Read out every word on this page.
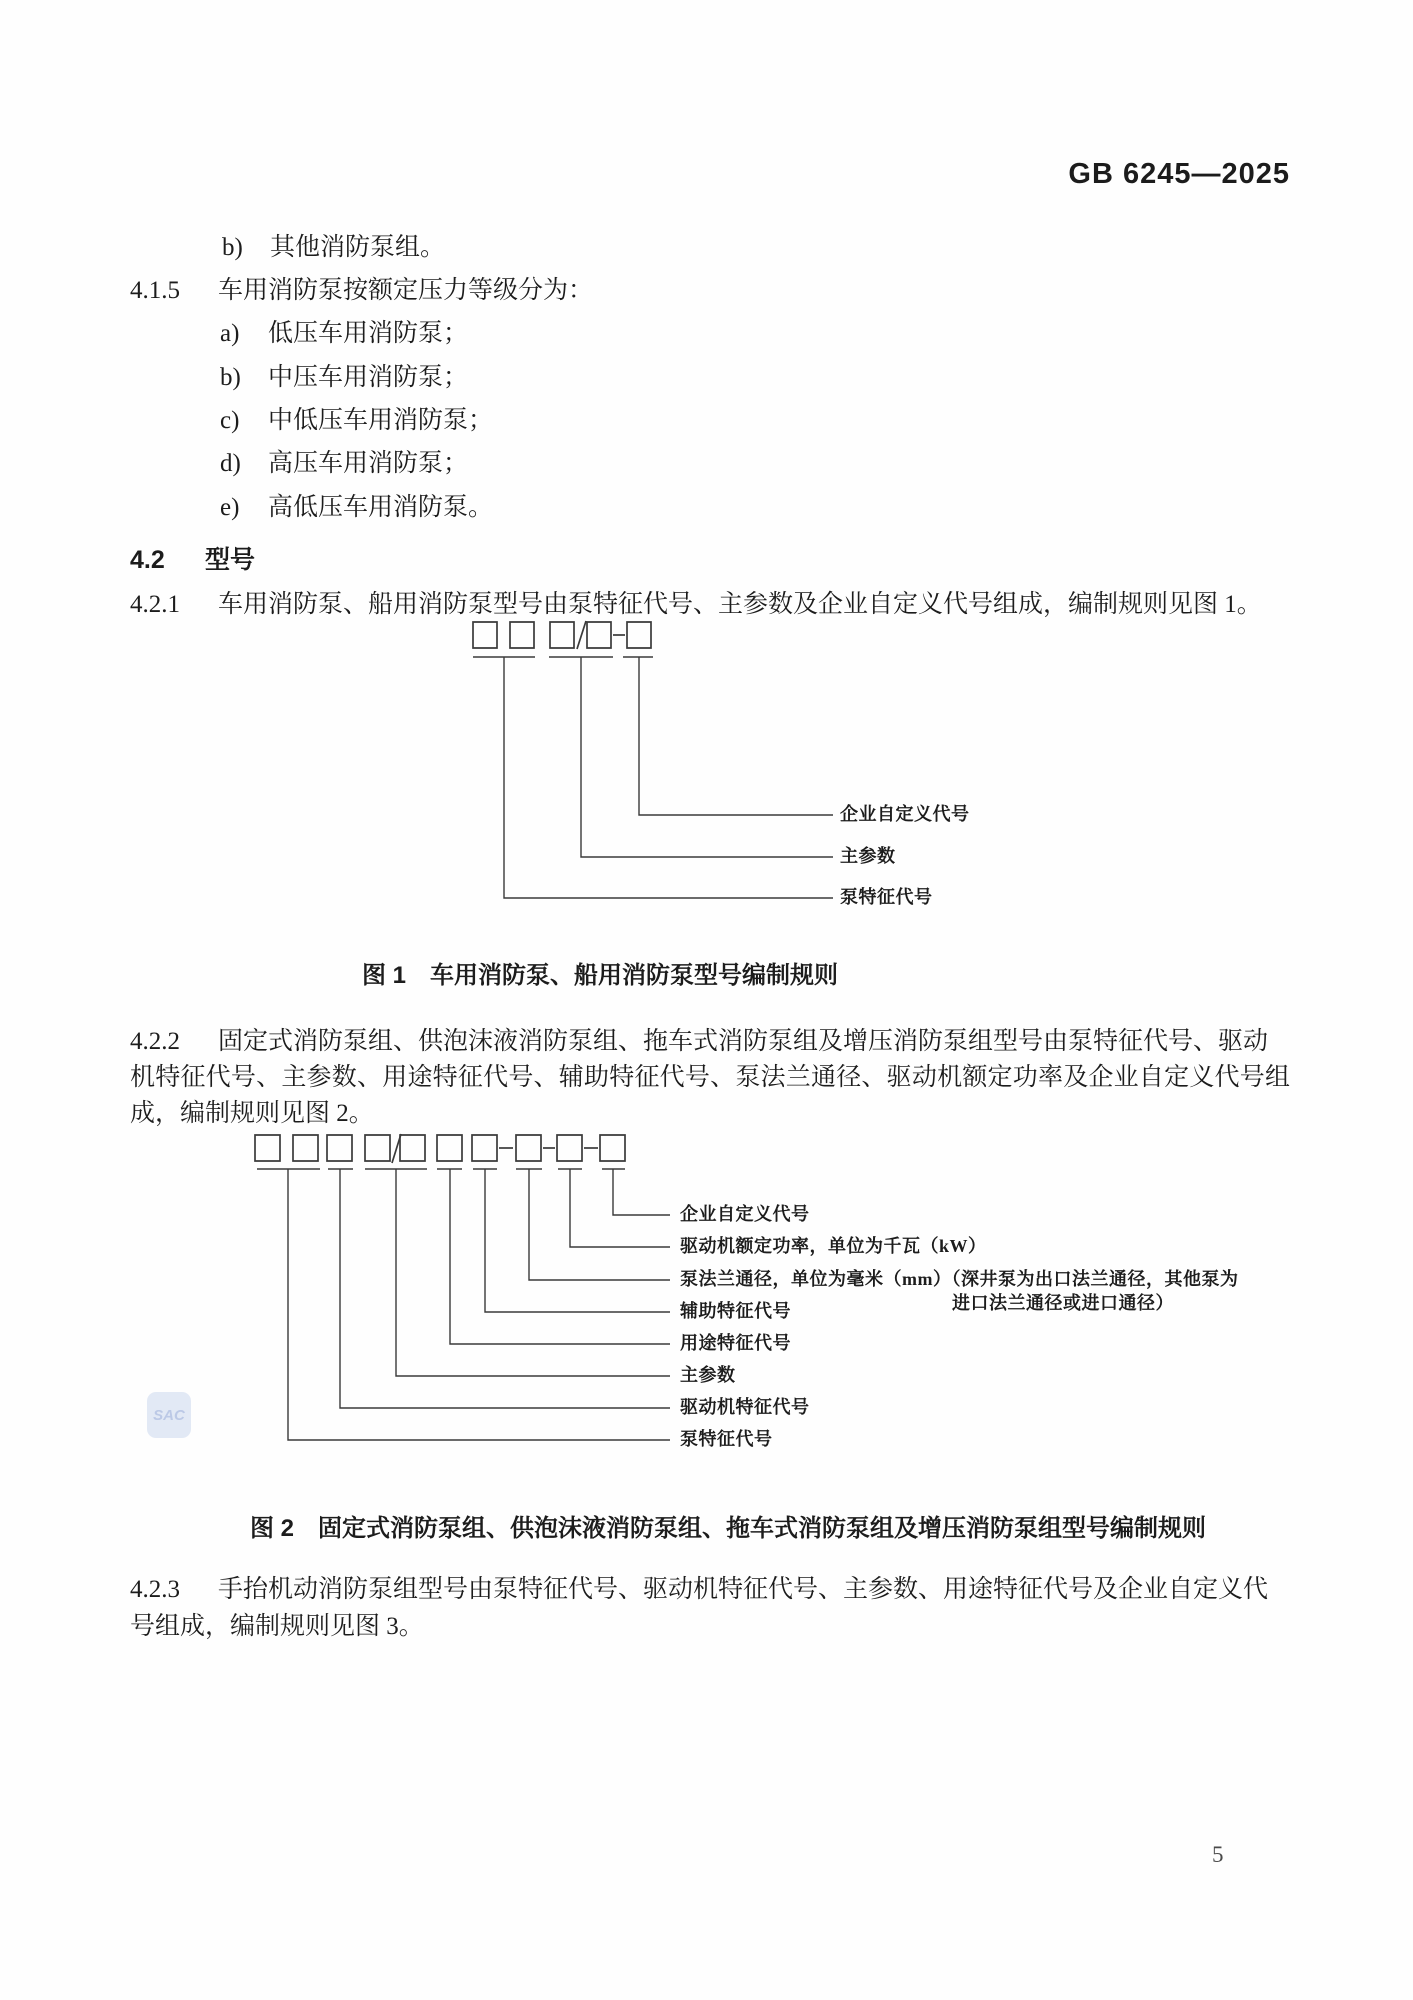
GB 6245—2025
b) 其他消防泵组。
4.1.5 车用消防泵按额定压力等级分为：
a) 低压车用消防泵；
b) 中压车用消防泵；
c) 中低压车用消防泵；
d) 高压车用消防泵；
e) 高低压车用消防泵。
4.2 型号
4.2.1 车用消防泵、船用消防泵型号由泵特征代号、主参数及企业自定义代号组成，编制规则见图 1。
企业自定义代号
主参数
泵特征代号
图 1　车用消防泵、船用消防泵型号编制规则
4.2.2 固定式消防泵组、供泡沫液消防泵组、拖车式消防泵组及增压消防泵组型号由泵特征代号、驱动
机特征代号、主参数、用途特征代号、辅助特征代号、泵法兰通径、驱动机额定功率及企业自定义代号组
成，编制规则见图 2。
企业自定义代号
驱动机额定功率，单位为千瓦（kW）
泵法兰通径，单位为毫米（mm）（深井泵为出口法兰通径，其他泵为
进口法兰通径或进口通径）
辅助特征代号
用途特征代号
主参数
驱动机特征代号
泵特征代号
图 2　固定式消防泵组、供泡沫液消防泵组、拖车式消防泵组及增压消防泵组型号编制规则
4.2.3 手抬机动消防泵组型号由泵特征代号、驱动机特征代号、主参数、用途特征代号及企业自定义代
号组成，编制规则见图 3。
SAC
5
